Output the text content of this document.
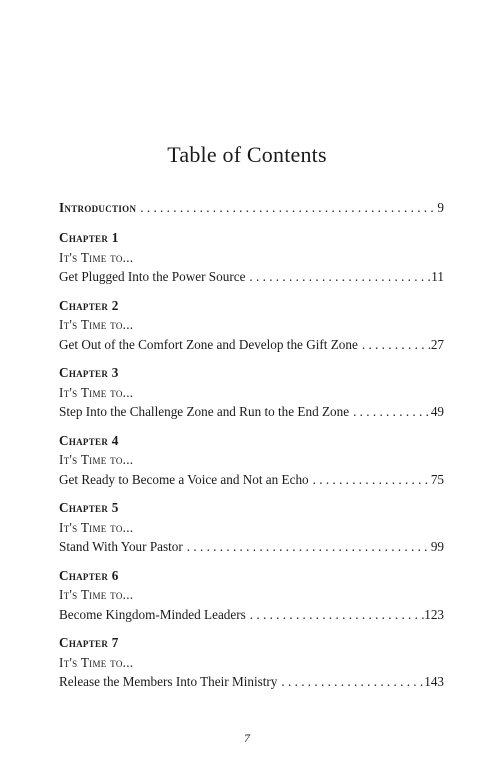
Table of Contents
Introduction . . .	9
Chapter 1
It's Time to...
Get Plugged Into the Power Source . . .	11
Chapter 2
It's Time to...
Get Out of the Comfort Zone and Develop the Gift Zone . . .	27
Chapter 3
It's Time to...
Step Into the Challenge Zone and Run to the End Zone . . .	49
Chapter 4
It's Time to...
Get Ready to Become a Voice and Not an Echo . . .	75
Chapter 5
It's Time to...
Stand With Your Pastor . . .	99
Chapter 6
It's Time to...
Become Kingdom-Minded Leaders . . .	123
Chapter 7
It's Time to...
Release the Members Into Their Ministry . . .	143
7
